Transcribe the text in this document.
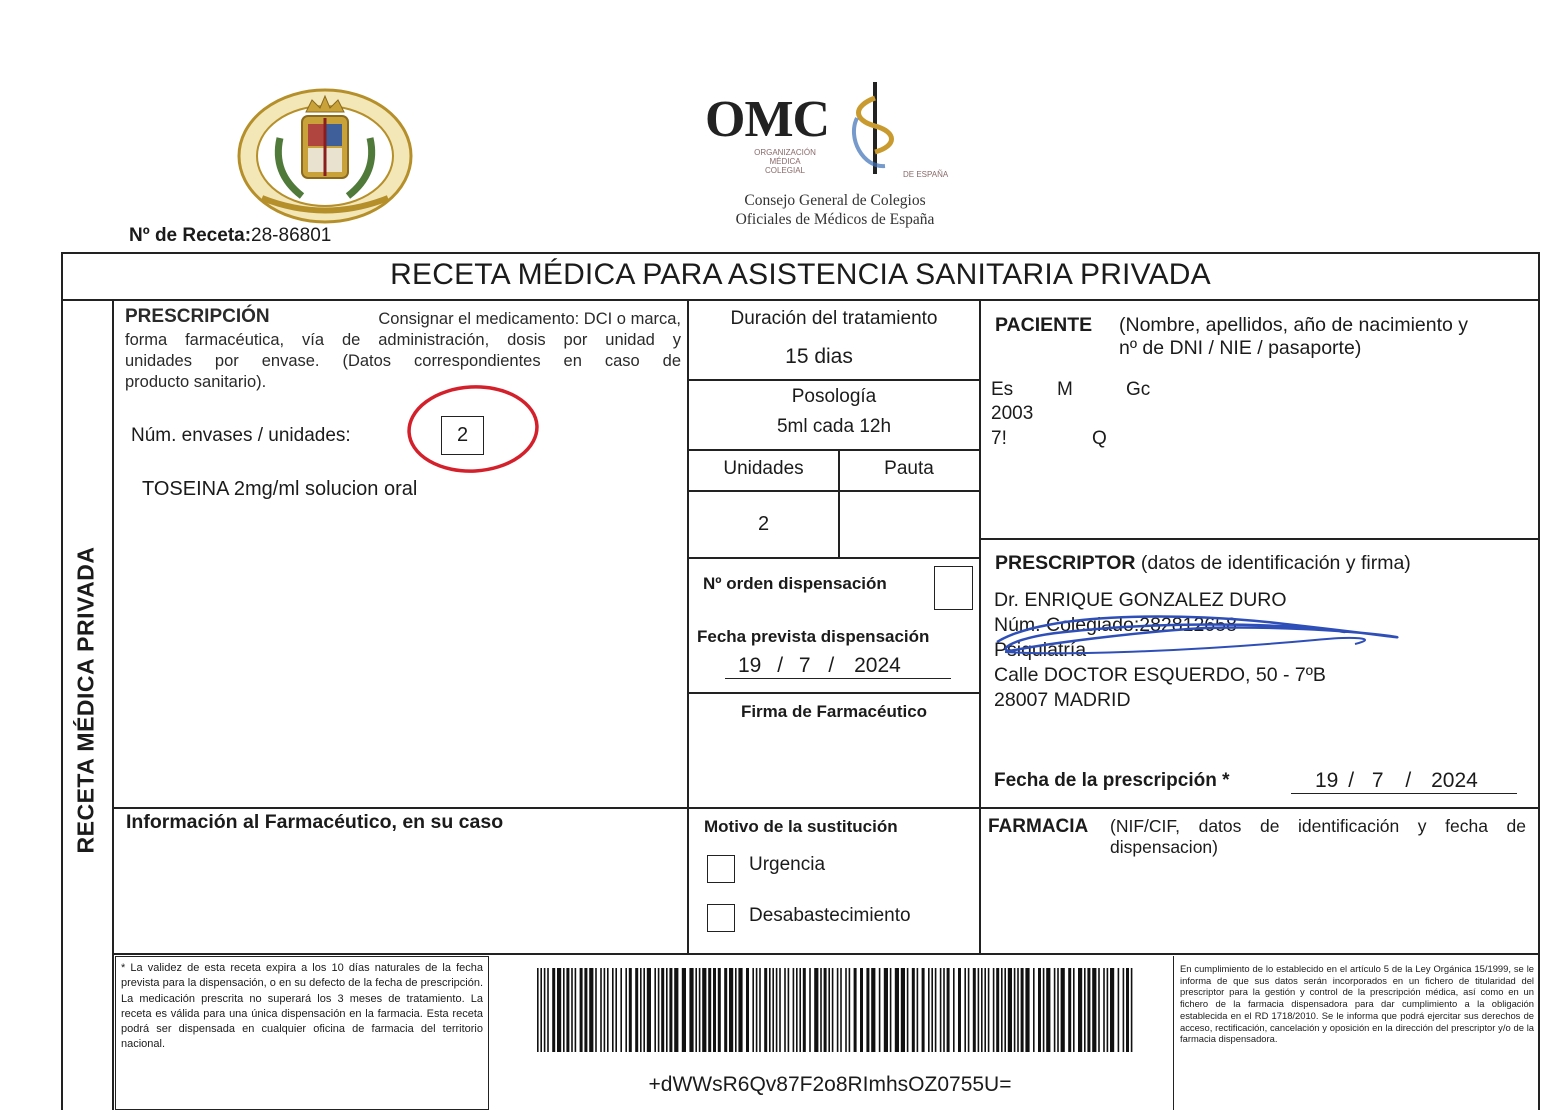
Nº de Receta:28-86801
OMC
ORGANIZACIÓN
MÉDICA
COLEGIAL	DE ESPAÑA
Consejo General de Colegios
Oficiales de Médicos de España
RECETA MÉDICA PARA ASISTENCIA SANITARIA PRIVADA
RECETA MÉDICA PRIVADA
PRESCRIPCIÓN	Consignar el medicamento: DCI o marca,
forma farmacéutica, vía de administración, dosis por unidad y
unidades por envase. (Datos correspondientes en caso de
producto sanitario).
Núm. envases / unidades:	2
TOSEINA 2mg/ml solucion oral
Duración del tratamiento
15 dias
Posología
5ml cada 12h
Unidades	Pauta
2
Nº orden dispensación
Fecha prevista dispensación
19 / 7 / 2024
Firma de Farmacéutico
PACIENTE (Nombre, apellidos, año de nacimiento y
nº de DNI / NIE / pasaporte)
Es M	Gc
2003
7!	Q
PRESCRIPTOR (datos de identificación y firma)
Dr. ENRIQUE GONZALEZ DURO
Núm. Colegiado:282812658
Psiquiatría
Calle DOCTOR ESQUERDO, 50 - 7ºB
28007 MADRID
Fecha de la prescripción *	19 / 7 / 2024
Información al Farmacéutico, en su caso	Motivo de la sustitución
Urgencia
Desabastecimiento
FARMACIA (NIF/CIF, datos de identificación y fecha de
dispensacion)
* La validez de esta receta expira a los 10 días naturales de la fecha prevista para la dispensación, o en su defecto de la fecha de prescripción. La medicación prescrita no superará los 3 meses de tratamiento. La receta es válida para una única dispensación en la farmacia. Esta receta podrá ser dispensada en cualquier oficina de farmacia del territorio nacional.
+dWWsR6Qv87F2o8RImhsOZ0755U=
En cumplimiento de lo establecido en el artículo 5 de la Ley Orgánica 15/1999, se le informa de que sus datos serán incorporados en un fichero de titularidad del prescriptor para la gestión y control de la prescripción médica, así como en un fichero de la farmacia dispensadora para dar cumplimiento a la obligación establecida en el RD 1718/2010. Se le informa que podrá ejercitar sus derechos de acceso, rectificación, cancelación y oposición en la dirección del prescriptor y/o de la farmacia dispensadora.
